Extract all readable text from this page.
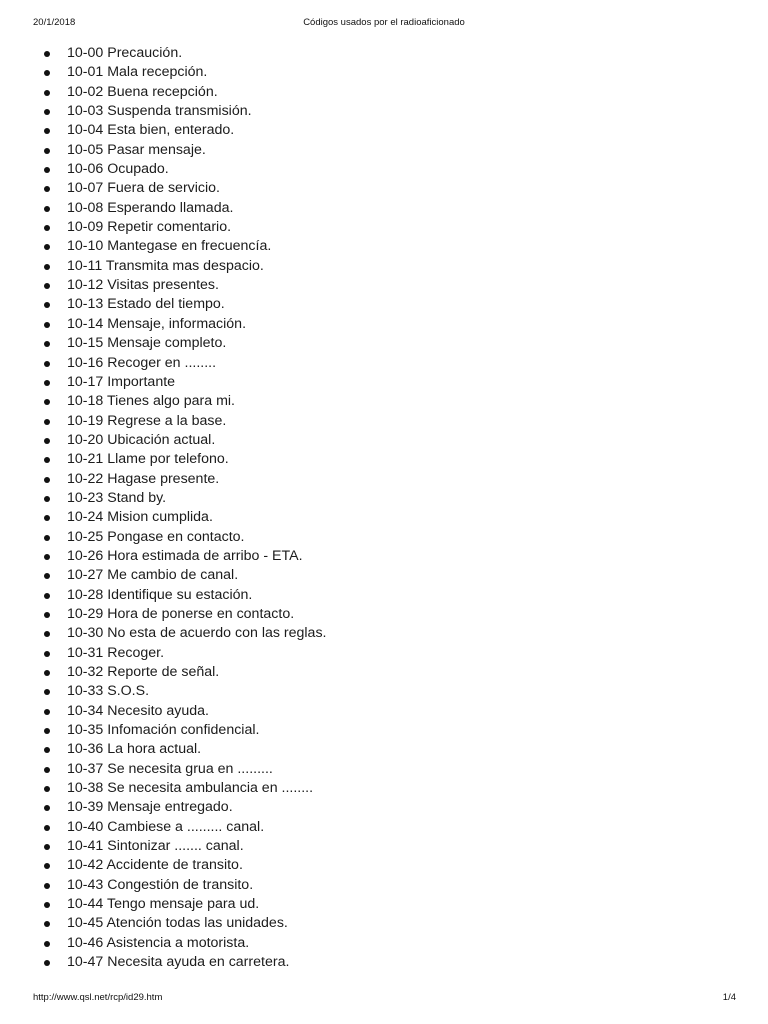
20/1/2018	Códigos usados por el radioaficionado
10-00 Precaución.
10-01 Mala recepción.
10-02 Buena recepción.
10-03 Suspenda transmisión.
10-04 Esta bien, enterado.
10-05 Pasar mensaje.
10-06 Ocupado.
10-07 Fuera de servicio.
10-08 Esperando llamada.
10-09 Repetir comentario.
10-10 Mantegase en frecuencía.
10-11 Transmita mas despacio.
10-12 Visitas presentes.
10-13 Estado del tiempo.
10-14 Mensaje, información.
10-15 Mensaje completo.
10-16 Recoger en ........
10-17 Importante
10-18 Tienes algo para mi.
10-19 Regrese a la base.
10-20 Ubicación actual.
10-21 Llame por telefono.
10-22 Hagase presente.
10-23 Stand by.
10-24 Mision cumplida.
10-25 Pongase en contacto.
10-26 Hora estimada de arribo - ETA.
10-27 Me cambio de canal.
10-28 Identifique su estación.
10-29 Hora de ponerse en contacto.
10-30 No esta de acuerdo con las reglas.
10-31 Recoger.
10-32 Reporte de señal.
10-33 S.O.S.
10-34 Necesito ayuda.
10-35 Infomación confidencial.
10-36 La hora actual.
10-37 Se necesita grua en .........
10-38 Se necesita ambulancia en ........
10-39 Mensaje entregado.
10-40 Cambiese a ......... canal.
10-41 Sintonizar ....... canal.
10-42 Accidente de transito.
10-43 Congestión de transito.
10-44 Tengo mensaje para ud.
10-45 Atención todas las unidades.
10-46 Asistencia a motorista.
10-47 Necesita ayuda en carretera.
http://www.qsl.net/rcp/id29.htm	1/4
